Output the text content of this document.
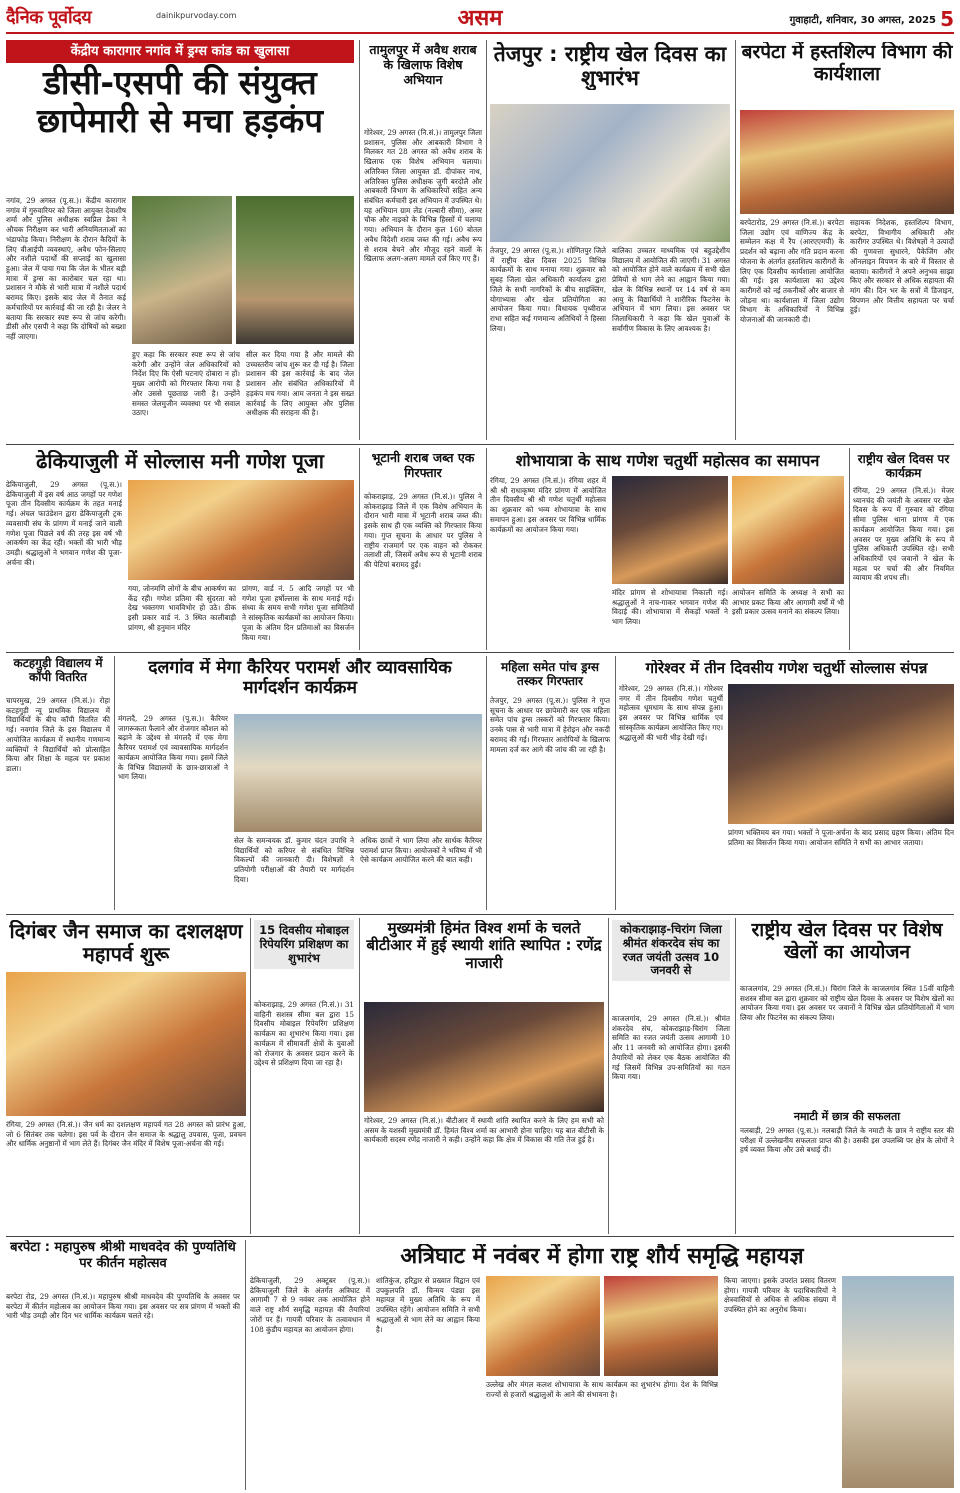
दैनिक पूर्वोदय	dainikpurvoday.com	असम	गुवाहाटी, शनिवार, 30 अगस्त, 2025 5
केंद्रीय कारागार नगांव में ड्रग्स कांड का खुलासा
डीसी-एसपी की संयुक्त छापेमारी से मचा हड़कंप
नगांव, 29 अगस्त (पू.स.)। केंद्रीय कारागार नगांव में गुरुवारियर को जिला आयुक्त देवाशीष शर्मा और पुलिस अधीक्षक स्वप्निल डेका ने औचक निरीक्षण कर भारी अनियमितताओं का भंडाफोड़ किया। निरीक्षण के दौरान कैदियों के लिए वीआईपी व्यवस्थाएं, अवैध फोन-सिलाए और नशीले पदार्थों की सप्लाई का खुलासा हुआ। जेल में पाया गया कि जेल के भीतर बड़ी मात्रा में ड्रग्स का कारोबार चल रहा था। प्रशासन ने मौके से भारी मात्रा में नशीले पदार्थ बरामद किए। इसके बाद जेल में तैनात कई कर्मचारियों पर कार्रवाई की जा रही है। जेलर ने बताया कि सरकार स्पष्ट रूप से जांच करेगी। डीसी और एसपी ने कहा कि दोषियों को बख्शा नहीं जाएगा।
हुए कहा कि सरकार स्पष्ट रूप से जांच करेगी और उन्होंने जेल अधिकारियों को निर्देश दिए कि ऐसी घटनाएं दोबारा न हों। मुख्य आरोपी को गिरफ्तार किया गया है और उससे पूछताछ जारी है। उन्होंने समस्त जेलमुजीन व्यवस्था पर भी सवाल उठाए।
सील कर दिया गया है और मामले की उच्चस्तरीय जांच शुरू कर दी गई है। जिला प्रशासन की इस कार्रवाई के बाद जेल प्रशासन और संबंधित अधिकारियों में हड़कंप मच गया। आम जनता ने इस सख्त कार्रवाई के लिए आयुक्त और पुलिस अधीक्षक की सराहना की है।
तामुलपुर में अवैध शराब के खिलाफ विशेष अभियान
गोरेश्वर, 29 अगस्त (नि.सं.)। तामुलपुर जिला प्रशासन, पुलिस और आबकारी विभाग ने मिलकर गत 28 अगस्त को अवैध शराब के खिलाफ एक विशेष अभियान चलाया। अतिरिक्त जिला आयुक्त डॉ. दीपांकर नाथ, अतिरिक्त पुलिस अधीक्षक जुगी बरदोलै और आबकारी विभाग के अधिकारियों सहित अन्य संबंधित कर्मचारी इस अभियान में उपस्थित थे। यह अभियान ग्राम लेंड (नल्बारी सीमा), अमर चौक और नाइको के विभिन्न हिस्सों में चलाया गया। अभियान के दौरान कुल 160 बोतल अवैध विदेशी शराब जब्त की गई। अवैध रूप से शराब बेचने और मौजूद रहने वालों के खिलाफ अलग-अलग मामले दर्ज किए गए हैं।
तेजपुर : राष्ट्रीय खेल दिवस का शुभारंभ
तेजपुर, 29 अगस्त (पू.स.)। शोणितपुर जिले में राष्ट्रीय खेल दिवस 2025 विभिन्न कार्यक्रमों के साथ मनाया गया। शुक्रवार को सुबह जिला खेल अधिकारी कार्यालय द्वारा जिले के सभी नागरिकों के बीच साइक्लिंग, योगाभ्यास और खेल प्रतियोगिता का आयोजन किया गया। विधायक पृथ्वीराज राभा सहित कई गणमान्य अतिथियों ने हिस्सा लिया।
बालिका उच्चतर माध्यमिक एवं बहुउद्देशीय विद्यालय में आयोजित की जाएगी। 31 अगस्त को आयोजित होने वाले कार्यक्रम में सभी खेल प्रेमियों से भाग लेने का आह्वान किया गया। खेल के विभिन्न स्थानों पर 14 वर्ष से कम आयु के विद्यार्थियों ने शारीरिक फिटनेस के अभियान में भाग लिया। इस अवसर पर जिलाधिकारी ने कहा कि खेल युवाओं के सर्वांगीण विकास के लिए आवश्यक है।
बरपेटा में हस्तशिल्प विभाग की कार्यशाला
बरपेटारोड, 29 अगस्त (नि.सं.)। बरपेटा जिला उद्योग एवं वाणिज्य केंद्र के सम्मेलन कक्ष में रैंप (आरएएमपी) के प्रदर्शन को बढ़ाना और गति प्रदान करना योजना के अंतर्गत हस्तशिल्प कारीगरों के लिए एक दिवसीय कार्यशाला आयोजित की गई। इस कार्यशाला का उद्देश्य कारीगरों को नई तकनीकों और बाजार से जोड़ना था। कार्यशाला में जिला उद्योग विभाग के अधिकारियों ने विभिन्न योजनाओं की जानकारी दी।
सहायक निदेशक, हस्तशिल्प विभाग, बरपेटा, विभागीय अधिकारी और कारीगर उपस्थित थे। विशेषज्ञों ने उत्पादों की गुणवत्ता सुधारने, पैकेजिंग और ऑनलाइन विपणन के बारे में विस्तार से बताया। कारीगरों ने अपने अनुभव साझा किए और सरकार से अधिक सहायता की मांग की। दिन भर के सत्रों में डिजाइन, विपणन और वित्तीय सहायता पर चर्चा हुई।
ढेकियाजुली में सोल्लास मनी गणेश पूजा
ढेकियाजुली, 29 अगस्त (पू.स.)। ढेकियाजुली में इस वर्ष आठ जगहों पर गणेश पूजा तीन दिवसीय कार्यक्रम के तहत मनाई गई। अंचल फाउंडेशन द्वारा ढेकियाजुली ट्रक व्यवसायी संघ के प्रांगण में मनाई जाने वाली गणेश पूजा पिछले वर्ष की तरह इस वर्ष भी आकर्षण का केंद्र रही। भक्तों की भारी भीड़ उमड़ी। श्रद्धालुओं ने भगवान गणेश की पूजा-अर्चना की।
गया, जोनमणि लोगों के बीच आकर्षण का केंद्र रही। गणेश प्रतिमा की सुंदरता को देख भक्तगण भावविभोर हो उठे। ठीक इसी प्रकार वार्ड नं. 3 स्थित कालीबाड़ी प्रांगण, श्री हनुमान मंदिर
प्रांगण, वार्ड नं. 5 आदि जगहों पर भी गणेश पूजा हर्षोल्लास के साथ मनाई गई। संध्या के समय सभी गणेश पूजा समितियों ने सांस्कृतिक कार्यक्रमों का आयोजन किया। पूजा के अंतिम दिन प्रतिमाओं का विसर्जन किया गया।
भूटानी शराब जब्त एक गिरफ्तार
कोकराझाड़, 29 अगस्त (नि.सं.)। पुलिस ने कोकराझाड़ जिले में एक विशेष अभियान के दौरान भारी मात्रा में भूटानी शराब जब्त की। इसके साथ ही एक व्यक्ति को गिरफ्तार किया गया। गुप्त सूचना के आधार पर पुलिस ने राष्ट्रीय राजमार्ग पर एक वाहन को रोककर तलाशी ली, जिसमें अवैध रूप से भूटानी शराब की पेटियां बरामद हुईं।
शोभायात्रा के साथ गणेश चतुर्थी महोत्सव का समापन
रंगिया, 29 अगस्त (नि.सं.)। रंगिया शहर में श्री श्री राधाकृष्ण मंदिर प्रांगण में आयोजित तीन दिवसीय श्री श्री गणेश चतुर्थी महोत्सव का शुक्रवार को भव्य शोभायात्रा के साथ समापन हुआ। इस अवसर पर विभिन्न धार्मिक कार्यक्रमों का आयोजन किया गया।
मंदिर प्रांगण से शोभायात्रा निकाली गई। श्रद्धालुओं ने नाच-गाकर भगवान गणेश की विदाई की। शोभायात्रा में सैकड़ों भक्तों ने भाग लिया।
आयोजन समिति के अध्यक्ष ने सभी का आभार प्रकट किया और आगामी वर्षों में भी इसी प्रकार उत्सव मनाने का संकल्प लिया।
राष्ट्रीय खेल दिवस पर कार्यक्रम
रंगिया, 29 अगस्त (नि.सं.)। मेजर ध्यानचंद की जयंती के अवसर पर खेल दिवस के रूप में गुरुवार को रंगिया सीमा पुलिस थाना प्रांगण में एक कार्यक्रम आयोजित किया गया। इस अवसर पर मुख्य अतिथि के रूप में पुलिस अधिकारी उपस्थित रहे। सभी अधिकारियों एवं जवानों ने खेल के महत्व पर चर्चा की और नियमित व्यायाम की शपथ ली।
कटहगुड़ी विद्यालय में कॉपी वितरित
चापरमुख, 29 अगस्त (नि.सं.)। रोहा कटहगुड़ी न्यू प्राथमिक विद्यालय में विद्यार्थियों के बीच कॉपी वितरित की गई। नवगांव जिले के इस विद्यालय में आयोजित कार्यक्रम में स्थानीय गणमान्य व्यक्तियों ने विद्यार्थियों को प्रोत्साहित किया और शिक्षा के महत्व पर प्रकाश डाला।
दलगांव में मेगा कैरियर परामर्श और व्यावसायिक मार्गदर्शन कार्यक्रम
मंगलदै, 29 अगस्त (पू.स.)। कैरियर जागरूकता फैलाने और रोजगार कौशल को बढ़ाने के उद्देश्य से मंगलदै में एक मेगा कैरियर परामर्श एवं व्यावसायिक मार्गदर्शन कार्यक्रम आयोजित किया गया। इसमें जिले के विभिन्न विद्यालयों के छात्र-छात्राओं ने भाग लिया।
सेल के समन्वयक डॉ. कुमार चंदन उपाधि ने विद्यार्थियों को करियर से संबंधित विभिन्न विकल्पों की जानकारी दी। विशेषज्ञों ने प्रतियोगी परीक्षाओं की तैयारी पर मार्गदर्शन दिया।
अधिक छात्रों ने भाग लिया और सार्थक कैरियर परामर्श प्राप्त किया। आयोजकों ने भविष्य में भी ऐसे कार्यक्रम आयोजित करने की बात कही।
महिला समेत पांच ड्रग्स तस्कर गिरफ्तार
तेजपुर, 29 अगस्त (पू.स.)। पुलिस ने गुप्त सूचना के आधार पर छापेमारी कर एक महिला समेत पांच ड्रग्स तस्करों को गिरफ्तार किया। उनके पास से भारी मात्रा में हेरोइन और नकदी बरामद की गई। गिरफ्तार आरोपियों के खिलाफ मामला दर्ज कर आगे की जांच की जा रही है।
गोरेश्वर में तीन दिवसीय गणेश चतुर्थी सोल्लास संपन्न
गोरेश्वर, 29 अगस्त (नि.सं.)। गोरेश्वर नगर में तीन दिवसीय गणेश चतुर्थी महोत्सव धूमधाम के साथ संपन्न हुआ। इस अवसर पर विभिन्न धार्मिक एवं सांस्कृतिक कार्यक्रम आयोजित किए गए। श्रद्धालुओं की भारी भीड़ देखी गई।
प्रांगण भक्तिमय बन गया। भक्तों ने पूजा-अर्चना के बाद प्रसाद ग्रहण किया। अंतिम दिन प्रतिमा का विसर्जन किया गया। आयोजन समिति ने सभी का आभार जताया।
दिगंबर जैन समाज का दशलक्षण महापर्व शुरू
रंगिया, 29 अगस्त (नि.सं.)। जैन धर्म का दशलक्षण महापर्व गत 28 अगस्त को प्रारंभ हुआ, जो 6 सितंबर तक चलेगा। इस पर्व के दौरान जैन समाज के श्रद्धालु उपवास, पूजा, प्रवचन और धार्मिक अनुष्ठानों में भाग लेते हैं। दिगंबर जैन मंदिर में विशेष पूजा-अर्चना की गई।
15 दिवसीय मोबाइल रिपेयरिंग प्रशिक्षण का शुभारंभ
कोकराझाड़, 29 अगस्त (नि.सं.)। 31 वाहिनी सशस्त्र सीमा बल द्वारा 15 दिवसीय मोबाइल रिपेयरिंग प्रशिक्षण कार्यक्रम का शुभारंभ किया गया। इस कार्यक्रम में सीमावर्ती क्षेत्रों के युवाओं को रोजगार के अवसर प्रदान करने के उद्देश्य से प्रशिक्षण दिया जा रहा है।
मुख्यमंत्री हिमंत विश्व शर्मा के चलते बीटीआर में हुई स्थायी शांति स्थापित : रणेंद्र नाजारी
गोरेश्वर, 29 अगस्त (नि.सं.)। बीटीआर में स्थायी शांति स्थापित करने के लिए हम सभी को असम के यशस्वी मुख्यमंत्री डॉ. हिमंत विश्व शर्मा का आभारी होना चाहिए। यह बात बीटीसी के कार्यकारी सदस्य रणेंद्र नाजारी ने कही। उन्होंने कहा कि क्षेत्र में विकास की गति तेज हुई है।
कोकराझाड़-चिरांग जिला श्रीमंत शंकरदेव संघ का रजत जयंती उत्सव 10 जनवरी से
काजलगांव, 29 अगस्त (नि.सं.)। श्रीमंत शंकरदेव संघ, कोकराझाड़-चिरांग जिला समिति का रजत जयंती उत्सव आगामी 10 और 11 जनवरी को आयोजित होगा। इसकी तैयारियों को लेकर एक बैठक आयोजित की गई जिसमें विभिन्न उप-समितियों का गठन किया गया।
राष्ट्रीय खेल दिवस पर विशेष खेलों का आयोजन
काजलगांव, 29 अगस्त (नि.सं.)। चिरांग जिले के काजलगांव स्थित 15वीं वाहिनी सशस्त्र सीमा बल द्वारा शुक्रवार को राष्ट्रीय खेल दिवस के अवसर पर विशेष खेलों का आयोजन किया गया। इस अवसर पर जवानों ने विभिन्न खेल प्रतियोगिताओं में भाग लिया और फिटनेस का संकल्प लिया।
नमाटी में छात्र की सफलता
नलबाड़ी, 29 अगस्त (पू.स.)। नलबाड़ी जिले के नमाटी के छात्र ने राष्ट्रीय स्तर की परीक्षा में उल्लेखनीय सफलता प्राप्त की है। उसकी इस उपलब्धि पर क्षेत्र के लोगों ने हर्ष व्यक्त किया और उसे बधाई दी।
बरपेटा : महापुरुष श्रीश्री माधवदेव की पुण्यतिथि पर कीर्तन महोत्सव
बरपेटा रोड, 29 अगस्त (नि.सं.)। महापुरुष श्रीश्री माधवदेव की पुण्यतिथि के अवसर पर बरपेटा में कीर्तन महोत्सव का आयोजन किया गया। इस अवसर पर सत्र प्रांगण में भक्तों की भारी भीड़ उमड़ी और दिन भर धार्मिक कार्यक्रम चलते रहे।
अत्रिघाट में नवंबर में होगा राष्ट्र शौर्य समृद्धि महायज्ञ
ढेकियाजुली, 29 अक्टूबर (पू.स.)। ढेकियाजुली जिले के अंतर्गत अत्रिघाट में आगामी 7 से 9 नवंबर तक आयोजित होने वाले राष्ट्र शौर्य समृद्धि महायज्ञ की तैयारियां जोरों पर हैं। गायत्री परिवार के तत्वावधान में 108 कुंडीय महायज्ञ का आयोजन होगा।
शांतिकुंज, हरिद्वार से प्रख्यात विद्वान एवं उपकुलपति डॉ. चिन्मय पंड्या इस महायज्ञ में मुख्य अतिथि के रूप में उपस्थित रहेंगे। आयोजन समिति ने सभी श्रद्धालुओं से भाग लेने का आह्वान किया है।
उल्लेख और मंगल कलश शोभायात्रा के साथ कार्यक्रम का शुभारंभ होगा। देश के विभिन्न राज्यों से हजारों श्रद्धालुओं के आने की संभावना है।
किया जाएगा। इसके उपरांत प्रसाद वितरण होगा। गायत्री परिवार के पदाधिकारियों ने क्षेत्रवासियों से अधिक से अधिक संख्या में उपस्थित होने का अनुरोध किया।
